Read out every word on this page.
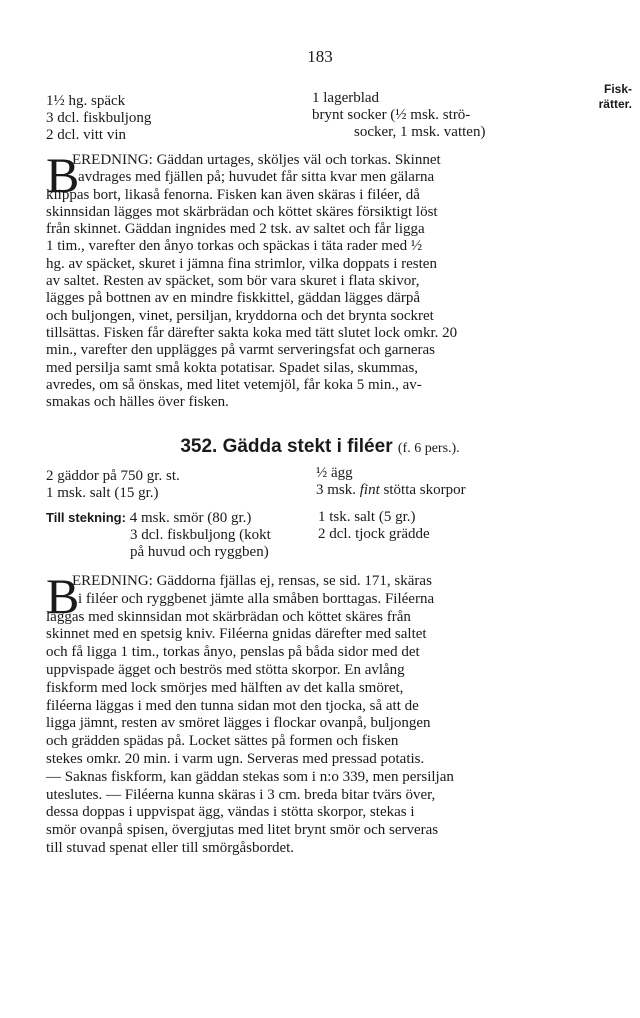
183
Fisk-
rätter.
1½ hg. späck
3 dcl. fiskbuljong
2 dcl. vitt vin
1 lagerblad
brynt socker (½ msk. strö-
socker, 1 msk. vatten)
B
EREDNING: Gäddan urtages, sköljes väl och torkas. Skinnet
avdrages med fjällen på; huvudet får sitta kvar men gälarna
klippas bort, likaså fenorna. Fisken kan även skäras i filéer, då
skinnsidan lägges mot skärbrädan och köttet skäres försiktigt löst
från skinnet. Gäddan ingnides med 2 tsk. av saltet och får ligga
1 tim., varefter den ånyo torkas och späckas i täta rader med ½
hg. av späcket, skuret i jämna fina strimlor, vilka doppats i resten
av saltet. Resten av späcket, som bör vara skuret i flata skivor,
lägges på bottnen av en mindre fiskkittel, gäddan lägges därpå
och buljongen, vinet, persiljan, kryddorna och det brynta sockret
tillsättas. Fisken får därefter sakta koka med tätt slutet lock omkr. 20
min., varefter den upplägges på varmt serveringsfat och garneras
med persilja samt små kokta potatisar. Spadet silas, skummas,
avredes, om så önskas, med litet vetemjöl, får koka 5 min., av-
smakas och hälles över fisken.
352. Gädda stekt i filéer (f. 6 pers.).
2 gäddor på 750 gr. st.
1 msk. salt (15 gr.)
½ ägg
3 msk. fint stötta skorpor
Till stekning: 4 msk. smör (80 gr.)
3 dcl. fiskbuljong (kokt
på huvud och ryggben)
1 tsk. salt (5 gr.)
2 dcl. tjock grädde
B
EREDNING: Gäddorna fjällas ej, rensas, se sid. 171, skäras
i filéer och ryggbenet jämte alla småben borttagas. Filéerna
läggas med skinnsidan mot skärbrädan och köttet skäres från
skinnet med en spetsig kniv. Filéerna gnidas därefter med saltet
och få ligga 1 tim., torkas ånyo, penslas på båda sidor med det
uppvispade ägget och beströs med stötta skorpor. En avlång
fiskform med lock smörjes med hälften av det kalla smöret,
filéerna läggas i med den tunna sidan mot den tjocka, så att de
ligga jämnt, resten av smöret lägges i flockar ovanpå, buljongen
och grädden spädas på. Locket sättes på formen och fisken
stekes omkr. 20 min. i varm ugn. Serveras med pressad potatis.
— Saknas fiskform, kan gäddan stekas som i n:o 339, men persiljan
uteslutes. — Filéerna kunna skäras i 3 cm. breda bitar tvärs över,
dessa doppas i uppvispat ägg, vändas i stötta skorpor, stekas i
smör ovanpå spisen, övergjutas med litet brynt smör och serveras
till stuvad spenat eller till smörgåsbordet.
